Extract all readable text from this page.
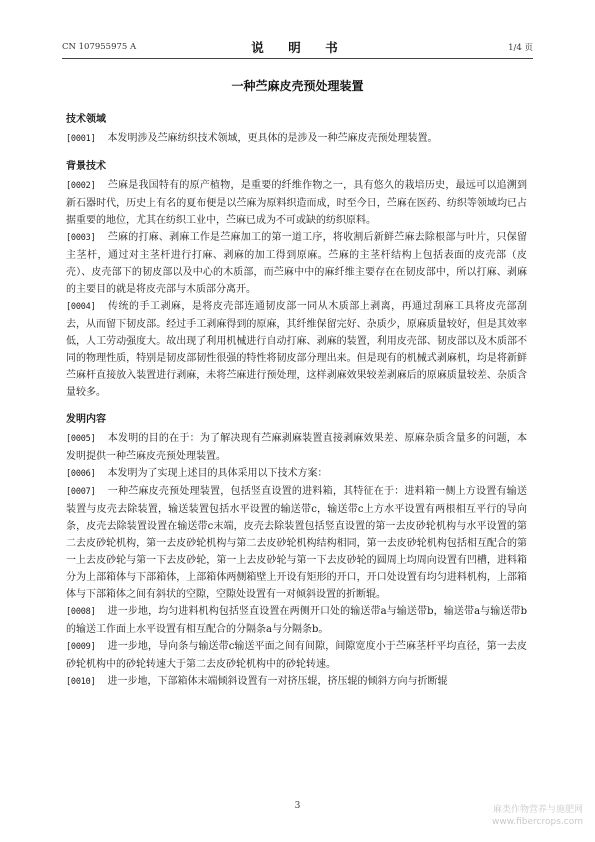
CN 107955975 A	说　明　书	1/4 页
一种苎麻皮壳预处理装置
技术领域

[0001] 本发明涉及苎麻纺织技术领域，更具体的是涉及一种苎麻皮壳预处理装置。

背景技术

[0002] 苎麻是我国特有的原产植物，是重要的纤维作物之一，具有悠久的栽培历史，最远可以追溯到新石器时代，历史上有名的夏布便是以苎麻为原料织造而成，时至今日，苎麻在医药、纺织等领域均已占据重要的地位，尤其在纺织工业中，苎麻已成为不可或缺的纺织原料。

[0003] 苎麻的打麻、剥麻工作是苎麻加工的第一道工序，将收割后新鲜苎麻去除根部与叶片，只保留主茎杆，通过对主茎杆进行打麻、剥麻的加工得到原麻。苎麻的主茎杆结构上包括表面的皮壳部（皮壳）、皮壳部下的韧皮部以及中心的木质部，而苎麻中中的麻纤维主要存在在韧皮部中，所以打麻、剥麻的主要目的就是将皮壳部与木质部分离开。

[0004] 传统的手工剥麻，是将皮壳部连通韧皮部一同从木质部上剥离，再通过刮麻工具将皮壳部刮去，从而留下韧皮部。经过手工剥麻得到的原麻，其纤维保留完好、杂质少，原麻质量较好，但是其效率低，人工劳动强度大。故出现了利用机械进行自动打麻、剥麻的装置，利用皮壳部、韧皮部以及木质部不同的物理性质，特别是韧皮部韧性很强的特性将韧皮部分理出来。但是现有的机械式剥麻机，均是将新鲜苎麻杆直接放入装置进行剥麻，未将苎麻进行预处理，这样剥麻效果较差剥麻后的原麻质量较差、杂质含量较多。

发明内容

[0005] 本发明的目的在于：为了解决现有苎麻剥麻装置直接剥麻效果差、原麻杂质含量多的问题，本发明提供一种苎麻皮壳预处理装置。

[0006] 本发明为了实现上述目的具体采用以下技术方案：

[0007] 一种苎麻皮壳预处理装置，包括竖直设置的进料箱，其特征在于：进料箱一侧上方设置有输送装置与皮壳去除装置，输送装置包括水平设置的输送带c，输送带c上方水平设置有两根相互平行的导向条，皮壳去除装置设置在输送带c末端，皮壳去除装置包括竖直设置的第一去皮砂轮机构与水平设置的第二去皮砂轮机构，第一去皮砂轮机构与第二去皮砂轮机构结构相同，第一去皮砂轮机构包括相互配合的第一上去皮砂轮与第一下去皮砂轮，第一上去皮砂轮与第一下去皮砂轮的圆周上均周向设置有凹槽，进料箱分为上部箱体与下部箱体，上部箱体两侧箱壁上开设有矩形的开口，开口处设置有均匀进料机构，上部箱体与下部箱体之间有斜状的空隙，空隙处设置有一对倾斜设置的折断辊。

[0008] 进一步地，均匀进料机构包括竖直设置在两侧开口处的输送带a与输送带b，输送带a与输送带b的输送工作面上水平设置有相互配合的分隔条a与分隔条b。

[0009] 进一步地，导向条与输送带c输送平面之间有间隙，间隙宽度小于苎麻茎杆平均直径，第一去皮砂轮机构中的砂轮转速大于第二去皮砂轮机构中的砂轮转速。

[0010] 进一步地，下部箱体末端倾斜设置有一对挤压辊，挤压辊的倾斜方向与折断辊

3	麻类作物营养与施肥网
www.fibercrops.com
